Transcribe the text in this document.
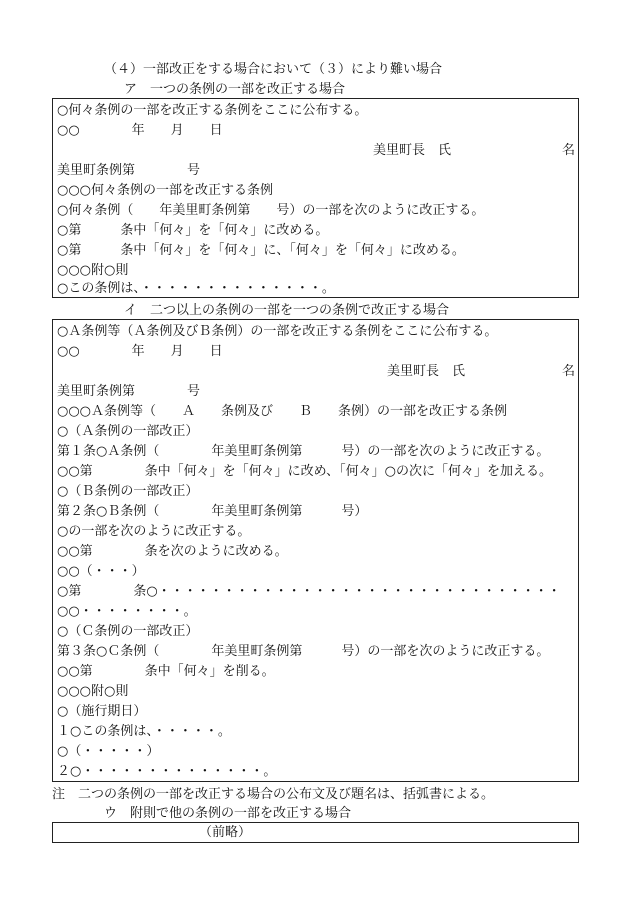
（４）一部改正をする場合において（３）により難い場合
ア　一つの条例の一部を改正する場合
○何々条例の一部を改正する条例をここに公布する。
○○　　　　年　　月　　日
美里町長　氏	名
美里町条例第　　　　号
○○○何々条例の一部を改正する条例
○何々条例（　　年美里町条例第　　号）の一部を次のように改正する。
○第　　　条中「何々」を「何々」に改める。
○第　　　条中「何々」を「何々」に、「何々」を「何々」に改める。
○○○附○則
○この条例は、・・・・・・・・・・・・・・。
イ　二つ以上の条例の一部を一つの条例で改正する場合
○Ａ条例等（Ａ条例及びＢ条例）の一部を改正する条例をここに公布する。
○○　　　　年　　月　　日
美里町長　氏	名
美里町条例第　　　　号
○○○Ａ条例等（　　Ａ　　条例及び　　Ｂ　　条例）の一部を改正する条例
○（Ａ条例の一部改正）
第１条○Ａ条例（　　　　年美里町条例第　　　号）の一部を次のように改正する。
○○第　　　　条中「何々」を「何々」に改め、「何々」○の次に「何々」を加える。
○（Ｂ条例の一部改正）
第２条○Ｂ条例（　　　　年美里町条例第　　　号）
○の一部を次のように改正する。
○○第　　　　条を次のように改める。
○○（・・・）
○第　　　　条○・・・・・・・・・・・・・・・・・・・・・・・・・・・・・・・
○○・・・・・・・・。
○（Ｃ条例の一部改正）
第３条○Ｃ条例（　　　　年美里町条例第　　　号）の一部を次のように改正する。
○○第　　　　条中「何々」を削る。
○○○附○則
○（施行期日）
１○この条例は、・・・・・。
○（・・・・・）
２○・・・・・・・・・・・・・・。
注　二つの条例の一部を改正する場合の公布文及び題名は、括弧書による。
ウ　附則で他の条例の一部を改正する場合
（前略）
